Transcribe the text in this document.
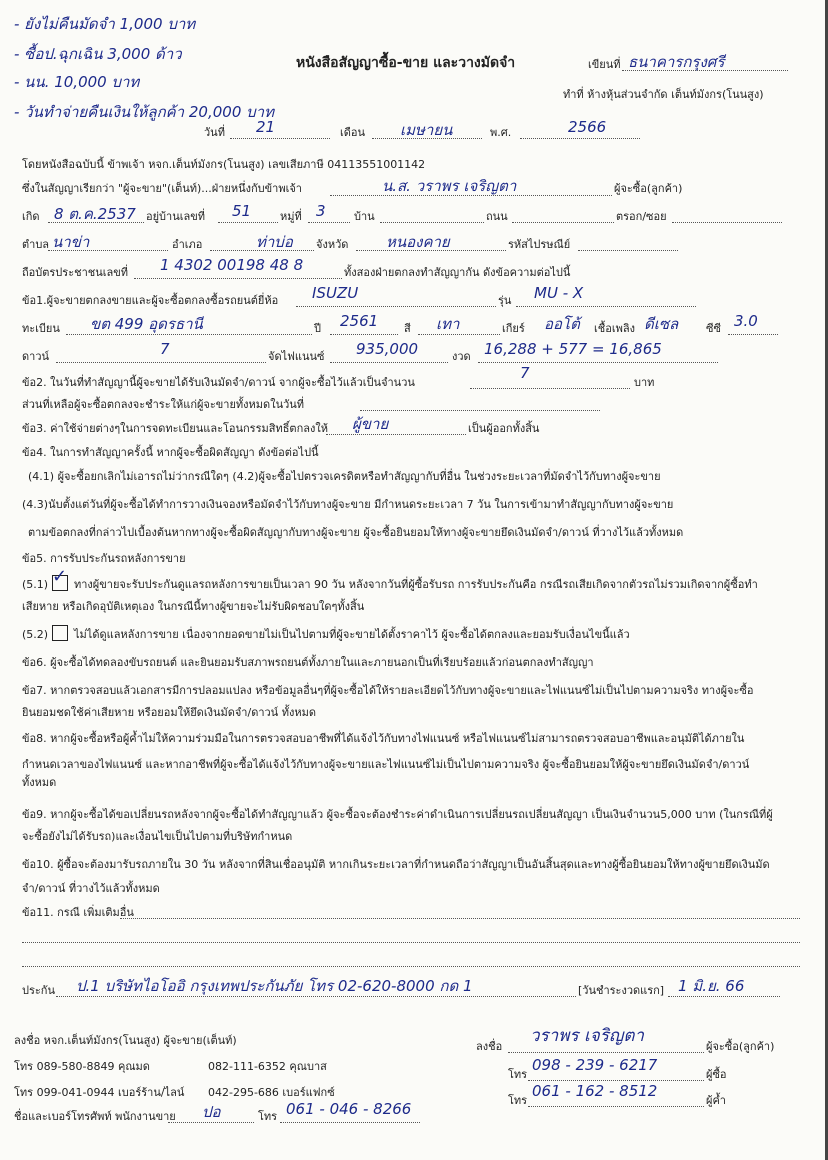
- ยังไม่คืนมัดจำ 1,000 บาท
- ซื้อป.ฉุกเฉิน 3,000 ด้าว
- นน. 10,000 บาท
- วันทำจ่ายคืนเงินให้ลูกค้า 20,000 บาท
หนังสือสัญญาซื้อ-ขาย และวางมัดจำ	เขียนที่ ธนาคารกรุงศรี
ทำที่ ห้างหุ้นส่วนจำกัด เต็นท์มังกร(โนนสูง)
วันที่ 21	เดือน เมษายน	พ.ศ.	2566
โดยหนังสือฉบับนี้ ข้าพเจ้า หจก.เต็นท์มังกร(โนนสูง) เลขเสียภาษี 04113551001142
ซึ่งในสัญญาเรียกว่า "ผู้จะขาย"(เต็นท์)...ฝ่ายหนึ่งกับข้าพเจ้า	น.ส. วราพร เจริญตา	ผู้จะซื้อ(ลูกค้า)
เกิด 8 ต.ค.2537 อยู่บ้านเลขที่ 51	หมู่ที่ 3	บ้าน	ถนน	ตรอก/ซอย
ตำบล นาข่า	อำเภอ	ท่าบ่อ จังหวัด	หนองคาย	รหัสไปรษณีย์
ถือบัตรประชาชนเลขที่ 1 4302 00198 48 8	ทั้งสองฝ่ายตกลงทำสัญญากัน ดังข้อความต่อไปนี้
ข้อ1.ผู้จะขายตกลงขายและผู้จะซื้อตกลงซื้อรถยนต์ยี่ห้อ ISUZU	รุ่น MU - X
ทะเบียน ขต 499 อุดรธานี	ปี 2561 สี เทา	เกียร์ ออโต้ เชื้อเพลิง ดีเซล	ซีซี 3.0
ดาวน์	7	จัดไฟแนนซ์ 935,000	งวด 16,288 + 577 = 16,865
ข้อ2. ในวันที่ทำสัญญานี้ผู้จะขายได้รับเงินมัดจำ/ดาวน์ จากผู้จะซื้อไว้แล้วเป็นจำนวน
7
บาท
ส่วนที่เหลือผู้จะซื้อตกลงจะชำระให้แก่ผู้จะขายทั้งหมดในวันที่
ข้อ3. ค่าใช้จ่ายต่างๆในการจดทะเบียนและโอนกรรมสิทธิ์ตกลงให้ ผู้ขาย	เป็นผู้ออกทั้งสิ้น
ข้อ4. ในการทำสัญญาครั้งนี้ หากผู้จะซื้อผิดสัญญา ดังข้อต่อไปนี้
(4.1) ผู้จะซื้อยกเลิกไม่เอารถไม่ว่ากรณีใดๆ (4.2)ผู้จะซื้อไปตรวจเครดิตหรือทำสัญญากับที่อื่น ในช่วงระยะเวลาที่มัดจำไว้กับทางผู้จะขาย
(4.3)นับตั้งแต่วันที่ผู้จะซื้อได้ทำการวางเงินจองหรือมัดจำไว้กับทางผู้จะขาย มีกำหนดระยะเวลา 7 วัน ในการเข้ามาทำสัญญากับทางผู้จะขาย
ตามข้อตกลงที่กล่าวไปเบื้องต้นหากทางผู้จะซื้อผิดสัญญากับทางผู้จะขาย ผู้จะซื้อยินยอมให้ทางผู้จะขายยึดเงินมัดจำ/ดาวน์ ที่วางไว้แล้วทั้งหมด
ข้อ5. การรับประกันรถหลังการขาย
(5.1) ✓ ทางผู้ขายจะรับประกันดูแลรถหลังการขายเป็นเวลา 90 วัน หลังจากวันที่ผู้ซื้อรับรถ การรับประกันคือ กรณีรถเสียเกิดจากตัวรถไม่รวมเกิดจากผู้ซื้อทำ
เสียหาย หรือเกิดอุบัติเหตุเอง ในกรณีนี้ทางผู้ขายจะไม่รับผิดชอบใดๆทั้งสิ้น
(5.2) ไม่ได้ดูแลหลังการขาย เนื่องจากยอดขายไม่เป็นไปตามที่ผู้จะขายได้ตั้งราคาไว้ ผู้จะซื้อได้ตกลงและยอมรับเงื่อนไขนี้แล้ว
ข้อ6. ผู้จะซื้อได้ทดลองขับรถยนต์ และยินยอมรับสภาพรถยนต์ทั้งภายในและภายนอกเป็นที่เรียบร้อยแล้วก่อนตกลงทำสัญญา
ข้อ7. หากตรวจสอบแล้วเอกสารมีการปลอมแปลง หรือข้อมูลอื่นๆที่ผู้จะซื้อได้ให้รายละเอียดไว้กับทางผู้จะขายและไฟแนนซ์ไม่เป็นไปตามความจริง ทางผู้จะซื้อ
ยินยอมชดใช้ค่าเสียหาย หรือยอมให้ยึดเงินมัดจำ/ดาวน์ ทั้งหมด
ข้อ8. หากผู้จะซื้อหรือผู้ค้ำไม่ให้ความร่วมมือในการตรวจสอบอาชีพที่ได้แจ้งไว้กับทางไฟแนนซ์ หรือไฟแนนซ์ไม่สามารถตรวจสอบอาชีพและอนุมัติได้ภายใน
กำหนดเวลาของไฟแนนซ์ และหากอาชีพที่ผู้จะซื้อได้แจ้งไว้กับทางผู้จะขายและไฟแนนซ์ไม่เป็นไปตามความจริง ผู้จะซื้อยินยอมให้ผู้จะขายยึดเงินมัดจำ/ดาวน์
ทั้งหมด
ข้อ9. หากผู้จะซื้อได้ขอเปลี่ยนรถหลังจากผู้จะซื้อได้ทำสัญญาแล้ว ผู้จะซื้อจะต้องชำระค่าดำเนินการเปลี่ยนรถเปลี่ยนสัญญา เป็นเงินจำนวน5,000 บาท (ในกรณีที่ผู้
จะซื้อยังไม่ได้รับรถ)และเงื่อนไขเป็นไปตามที่บริษัทกำหนด
ข้อ10. ผู้ซื้อจะต้องมารับรถภายใน 30 วัน หลังจากที่สินเชื่ออนุมัติ หากเกินระยะเวลาที่กำหนดถือว่าสัญญาเป็นอันสิ้นสุดและทางผู้ซื้อยินยอมให้ทางผู้ขายยึดเงินมัด
จำ/ดาวน์ ที่วางไว้แล้วทั้งหมด
ข้อ11. กรณี เพิ่มเติมอื่น
ประกัน ป.1 บริษัทไอโออิ กรุงเทพประกันภัย โทร 02-620-8000 กด 1	[วันชำระงวดแรก] 1 มิ.ย. 66
ลงชื่อ หจก.เต็นท์มังกร(โนนสูง) ผู้จะขาย(เต็นท์)
โทร 089-580-8849 คุณมด	082-111-6352 คุณบาส
โทร 099-041-0944 เบอร์ร้าน/ไลน์ 042-295-686 เบอร์แฟกซ์
ชื่อและเบอร์โทรศัพท์ พนักงานขาย ปอ	โทร 061 - 046 - 8266
ลงชื่อ
วราพร เจริญตา
ผู้จะซื้อ(ลูกค้า)
โทร
098 - 239 - 6217
ผู้ซื้อ
โทร
061 - 162 - 8512
ผู้ค้ำ
